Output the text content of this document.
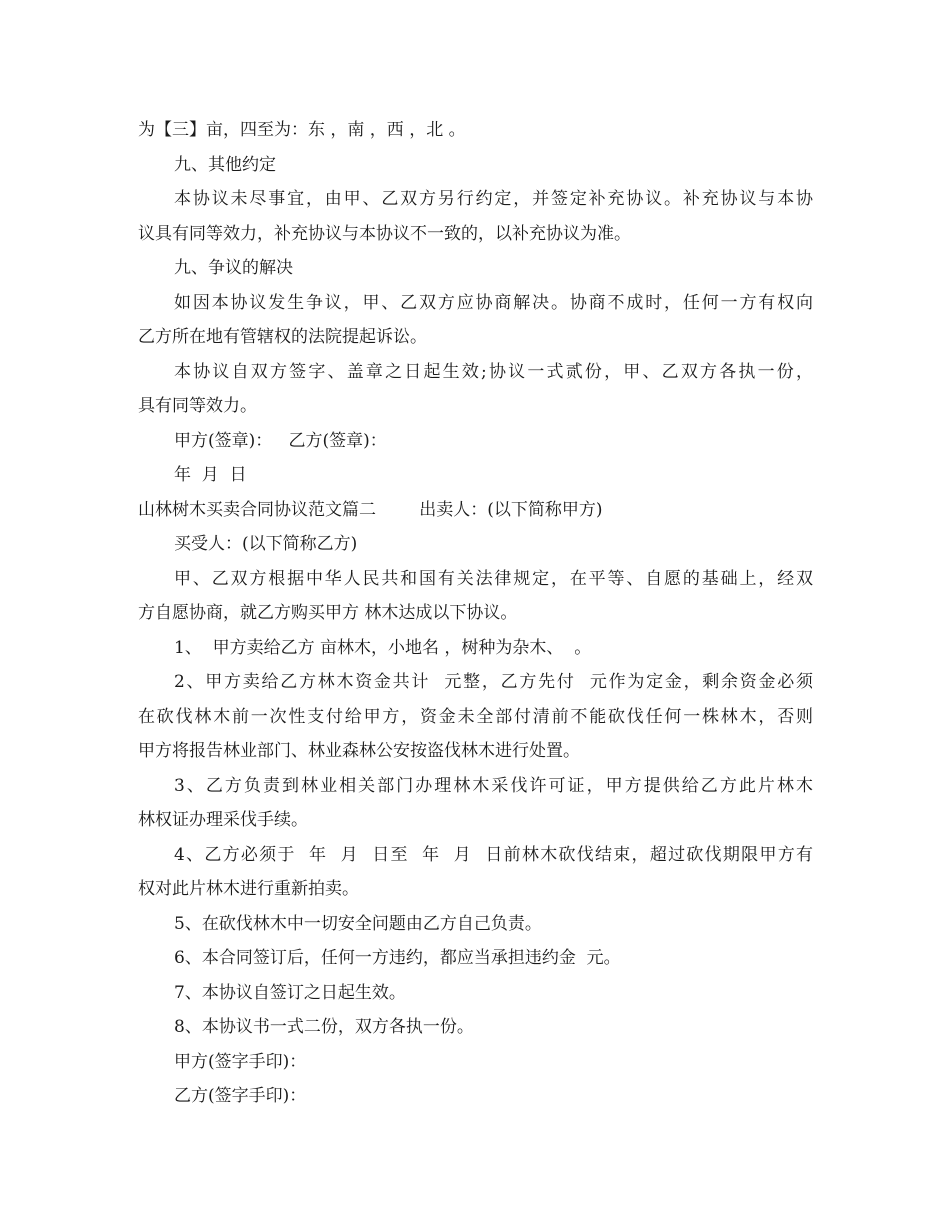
为【三】亩，四至为：东 ，南 ，西 ，北 。
九、其他约定
本协议未尽事宜，由甲、乙双方另行约定，并签定补充协议。补充协议与本协
议具有同等效力，补充协议与本协议不一致的，以补充协议为准。
九、争议的解决
如因本协议发生争议，甲、乙双方应协商解决。协商不成时，任何一方有权向
乙方所在地有管辖权的法院提起诉讼。
本协议自双方签字、盖章之日起生效;协议一式贰份，甲、乙双方各执一份，
具有同等效力。
甲方(签章)：   乙方(签章)：
年  月  日
山林树木买卖合同协议范文篇二        出卖人：(以下简称甲方)
买受人：(以下简称乙方)
甲、乙双方根据中华人民共和国有关法律规定，在平等、自愿的基础上，经双
方自愿协商，就乙方购买甲方 林木达成以下协议。
1、  甲方卖给乙方 亩林木，小地名 ，树种为杂木、  。
2、甲方卖给乙方林木资金共计  元整，乙方先付  元作为定金，剩余资金必须
在砍伐林木前一次性支付给甲方，资金未全部付清前不能砍伐任何一株林木，否则
甲方将报告林业部门、林业森林公安按盗伐林木进行处置。
3、乙方负责到林业相关部门办理林木采伐许可证，甲方提供给乙方此片林木
林权证办理采伐手续。
4、乙方必须于  年  月  日至  年  月  日前林木砍伐结束，超过砍伐期限甲方有
权对此片林木进行重新拍卖。
5、在砍伐林木中一切安全问题由乙方自己负责。
6、本合同签订后，任何一方违约，都应当承担违约金  元。
7、本协议自签订之日起生效。
8、本协议书一式二份，双方各执一份。
甲方(签字手印)：
乙方(签字手印)：
